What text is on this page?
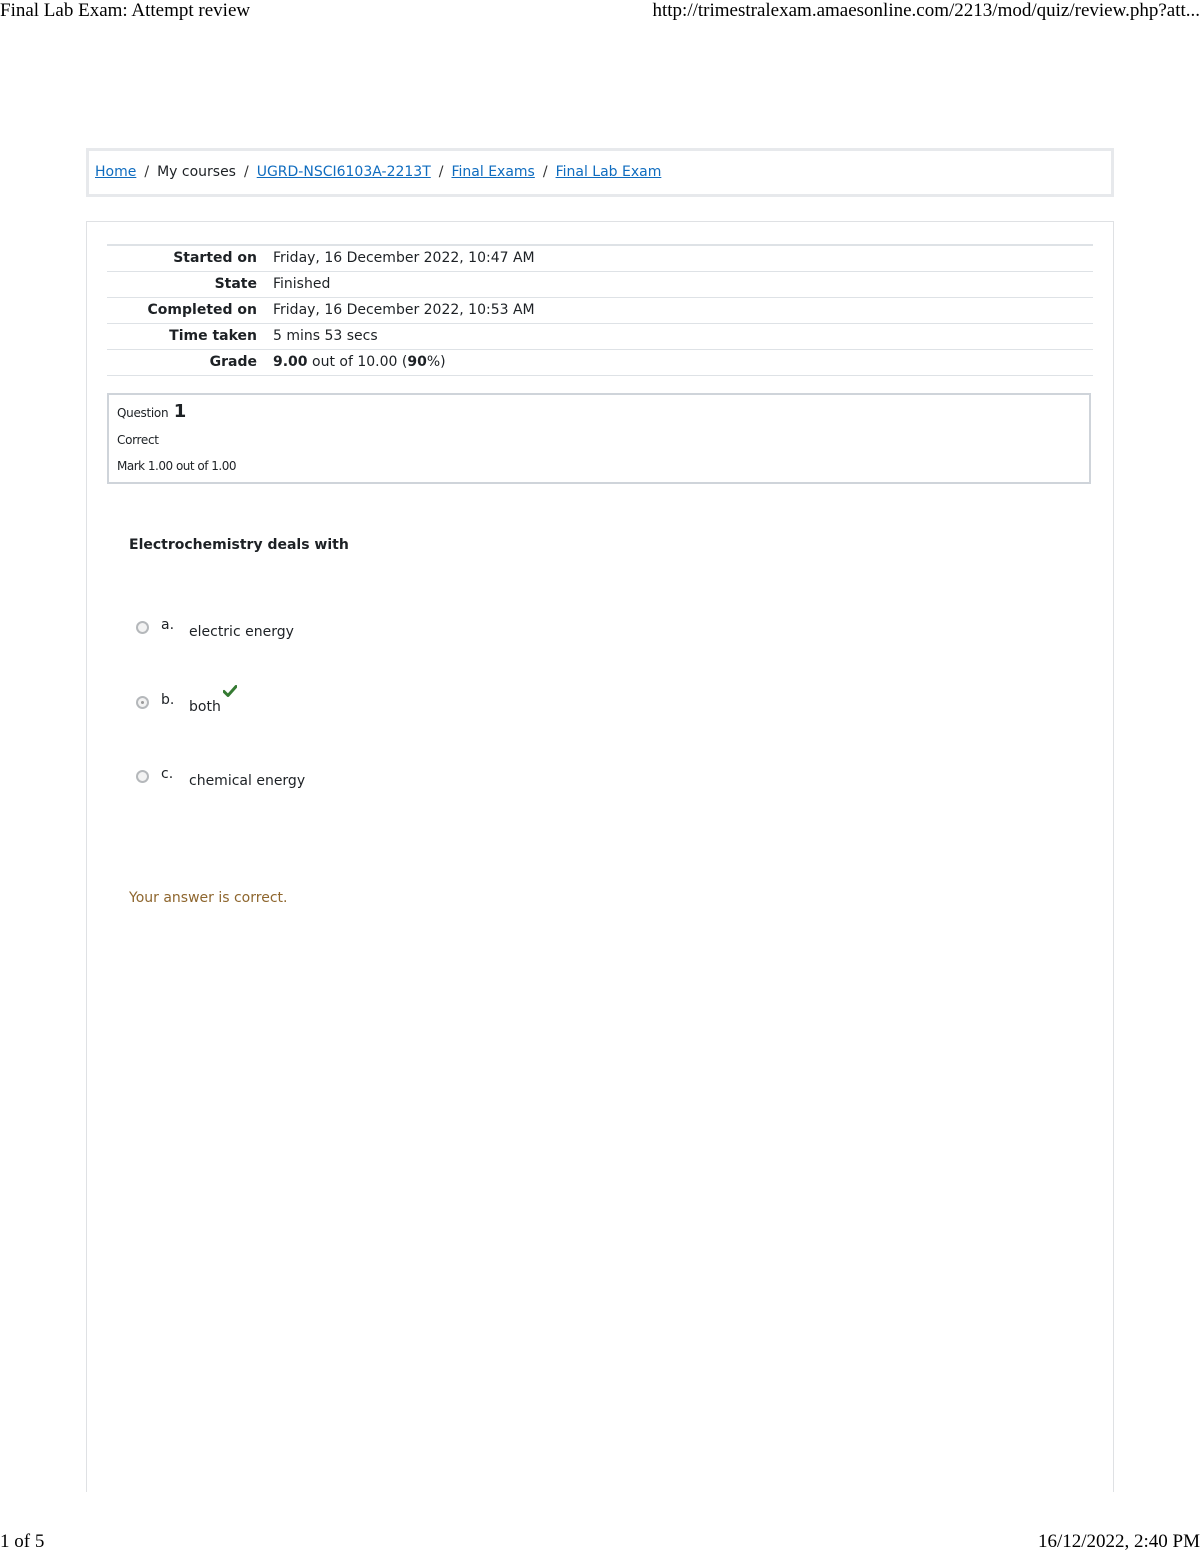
Final Lab Exam: Attempt review	http://trimestralexam.amaesonline.com/2213/mod/quiz/review.php?att...
Home / My courses / UGRD-NSCI6103A-2213T / Final Exams / Final Lab Exam
Started on	Friday, 16 December 2022, 10:47 AM
State	Finished
Completed on	Friday, 16 December 2022, 10:53 AM
Time taken	5 mins 53 secs
Grade	9.00 out of 10.00 (90%)
Question 1
Correct
Mark 1.00 out of 1.00
Electrochemistry deals with
a. electric energy
b. both
c. chemical energy
Your answer is correct.
1 of 5	16/12/2022, 2:40 PM
